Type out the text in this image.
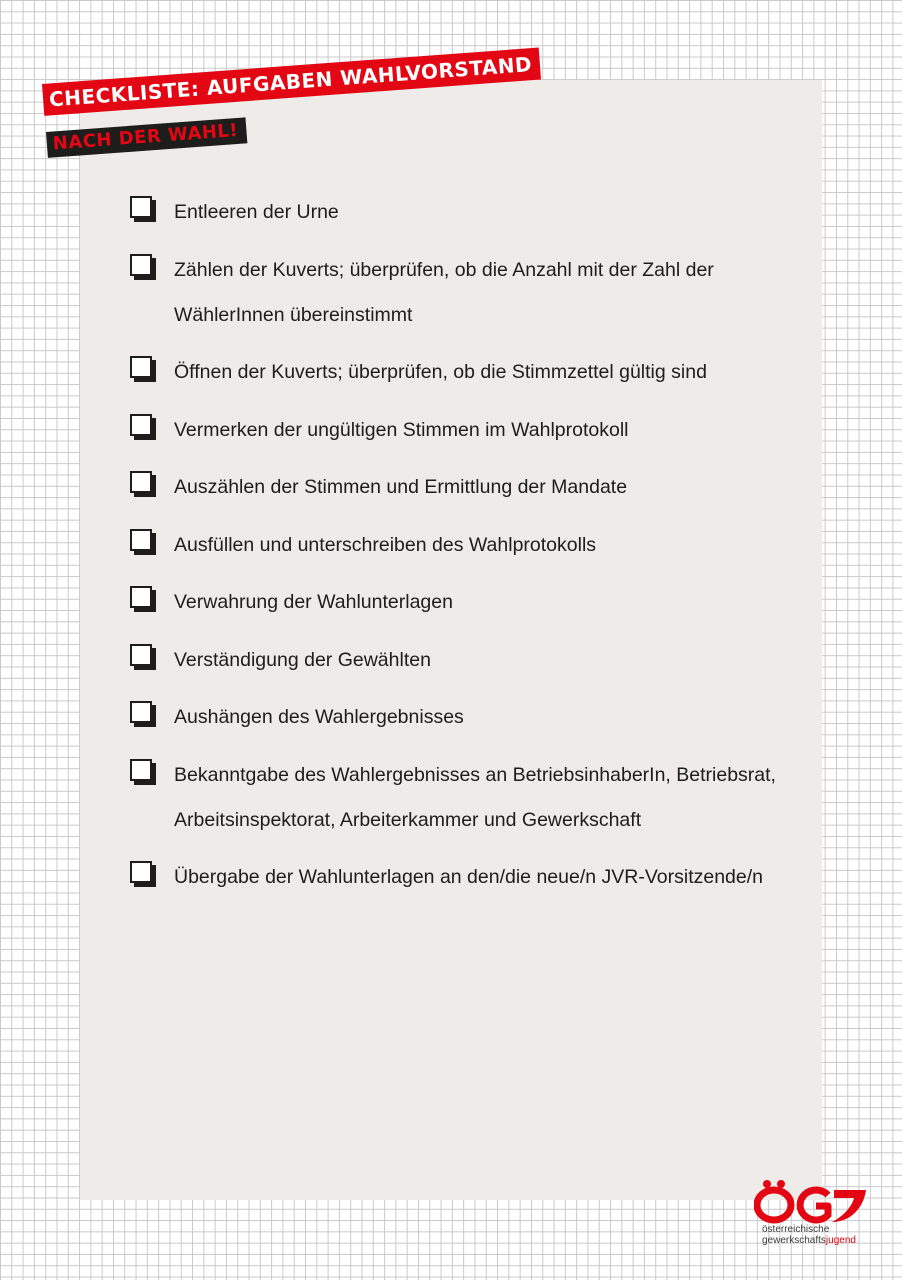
CHECKLISTE: AUFGABEN WAHLVORSTAND
NACH DER WAHL!
Entleeren der Urne
Zählen der Kuverts; überprüfen, ob die Anzahl mit der Zahl der
WählerInnen übereinstimmt
Öffnen der Kuverts; überprüfen, ob die Stimmzettel gültig sind
Vermerken der ungültigen Stimmen im Wahlprotokoll
Auszählen der Stimmen und Ermittlung der Mandate
Ausfüllen und unterschreiben des Wahlprotokolls
Verwahrung der Wahlunterlagen
Verständigung der Gewählten
Aushängen des Wahlergebnisses
Bekanntgabe des Wahlergebnisses an BetriebsinhaberIn, Betriebsrat,
Arbeitsinspektorat, Arbeiterkammer und Gewerkschaft
Übergabe der Wahlunterlagen an den/die neue/n JVR-Vorsitzende/n
österreichische
gewerkschaftsjugend
